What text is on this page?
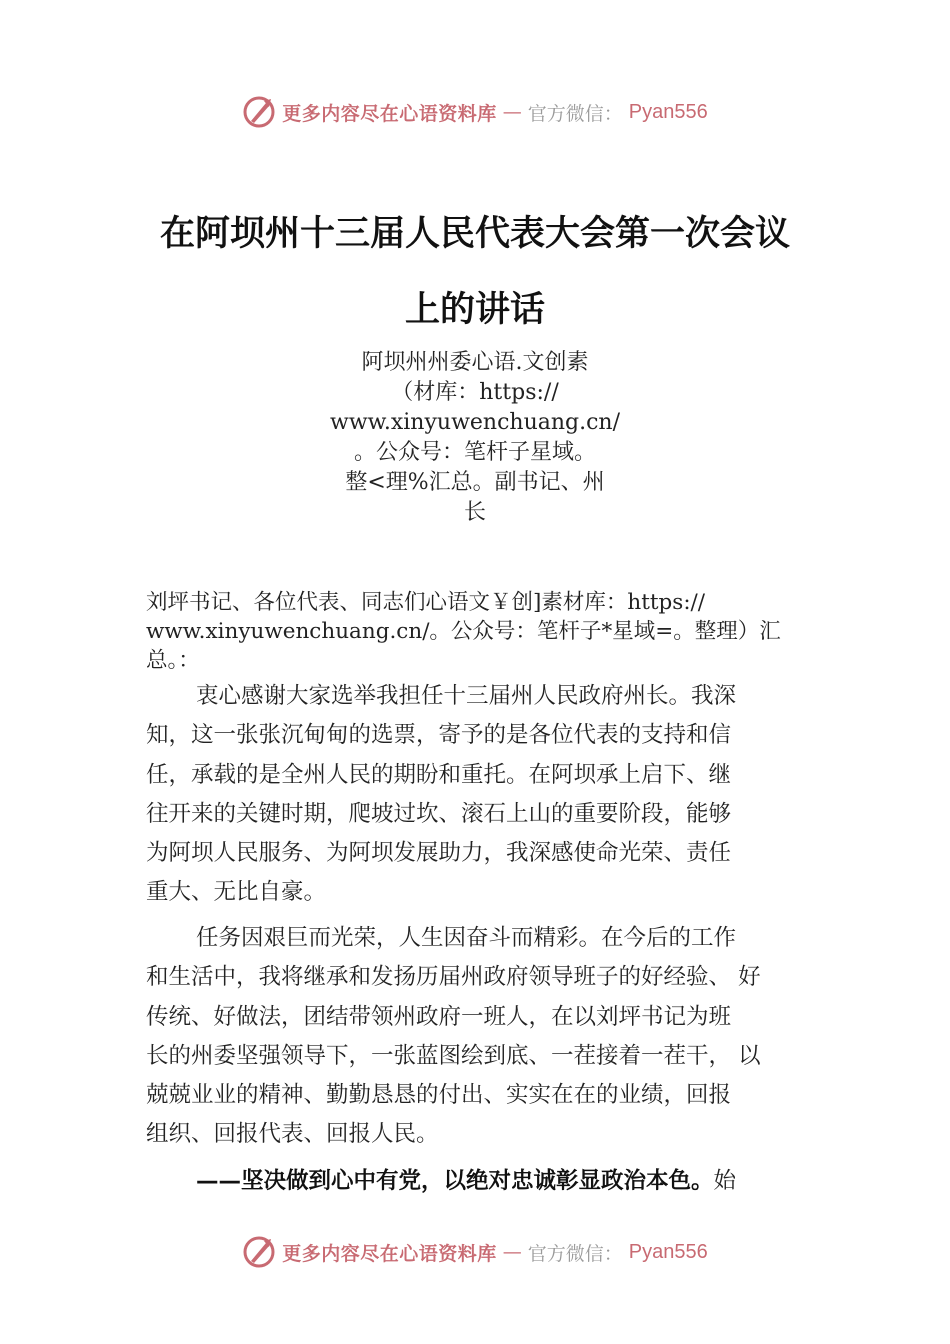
更多内容尽在心语资料库 — 官方微信： Pyan556
在阿坝州十三届人民代表大会第一次会议
上的讲话
阿坝州州委心语.文创素
（材库：https://
www.xinyuwenchuang.cn/
。公众号：笔杆子星域。
整<理%汇总。副书记、州
长
刘坪书记、各位代表、同志们心语文￥创]素材库：https://
www.xinyuwenchuang.cn/。公众号：笔杆子*星域=。整理）汇
总。：
衷心感谢大家选举我担任十三届州人民政府州长。我深
知，这一张张沉甸甸的选票，寄予的是各位代表的支持和信
任，承载的是全州人民的期盼和重托。在阿坝承上启下、继
往开来的关键时期，爬坡过坎、滚石上山的重要阶段，能够
为阿坝人民服务、为阿坝发展助力，我深感使命光荣、责任
重大、无比自豪。
任务因艰巨而光荣，人生因奋斗而精彩。在今后的工作
和生活中，我将继承和发扬历届州政府领导班子的好经验、 好
传统、好做法，团结带领州政府一班人，在以刘坪书记为班
长的州委坚强领导下，一张蓝图绘到底、一茬接着一茬干， 以
兢兢业业的精神、勤勤恳恳的付出、实实在在的业绩，回报
组织、回报代表、回报人民。
——坚决做到心中有党，以绝对忠诚彰显政治本色。始
更多内容尽在心语资料库 — 官方微信： Pyan556
